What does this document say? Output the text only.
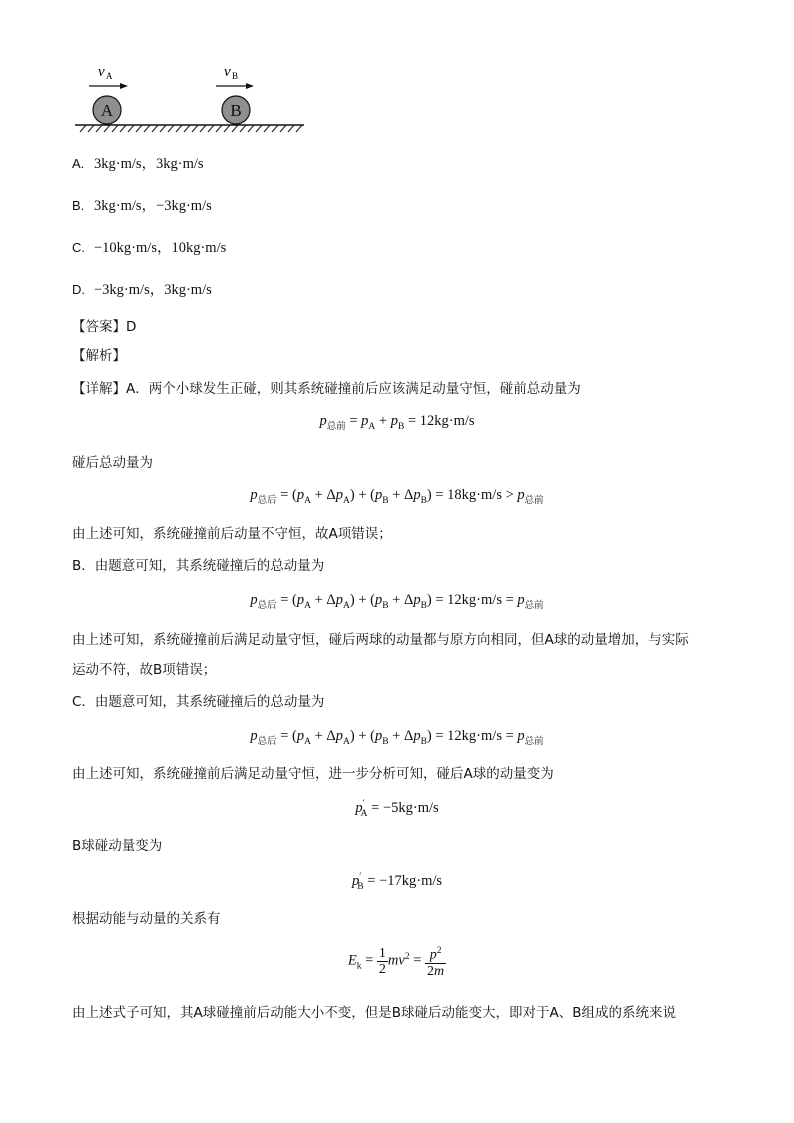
v A	v B
A	B
A. 3kg·m/s，3kg·m/s
B. 3kg·m/s，−3kg·m/s
C. −10kg·m/s，10kg·m/s
D. −3kg·m/s，3kg·m/s
【答案】D
【解析】
【详解】A．两个小球发生正碰，则其系统碰撞前后应该满足动量守恒，碰前总动量为
$p_{总前} = p_A + p_B = 12kg\cdot m/s$
碰后总动量为
$p_{总后} = (p_A + \Delta p_A) + (p_B + \Delta p_B) = 18kg\cdot m/s > p_{总前}$
由上述可知，系统碰撞前后动量不守恒，故A项错误；
B．由题意可知，其系统碰撞后的总动量为
$p_{总后} = (p_A + \Delta p_A) + (p_B + \Delta p_B) = 12kg\cdot m/s = p_{总前}$
由上述可知，系统碰撞前后满足动量守恒，碰后两球的动量都与原方向相同，但A球的动量增加，与实际
运动不符，故B项错误；
C．由题意可知，其系统碰撞后的总动量为
$p_{总后} = (p_A + \Delta p_A) + (p_B + \Delta p_B) = 12kg\cdot m/s = p_{总前}$
由上述可知，系统碰撞前后满足动量守恒，进一步分析可知，碰后A球的动量变为
$p'_A = -5kg\cdot m/s$
B球碰动量变为
$p'_B = -17kg\cdot m/s$
根据动能与动量的关系有
$E_k = \frac{1}{2} mv^2 = \frac{p^2}{2m}$
由上述式子可知，其A球碰撞前后动能大小不变，但是B球碰后动能变大，即对于A、B组成的系统来说
